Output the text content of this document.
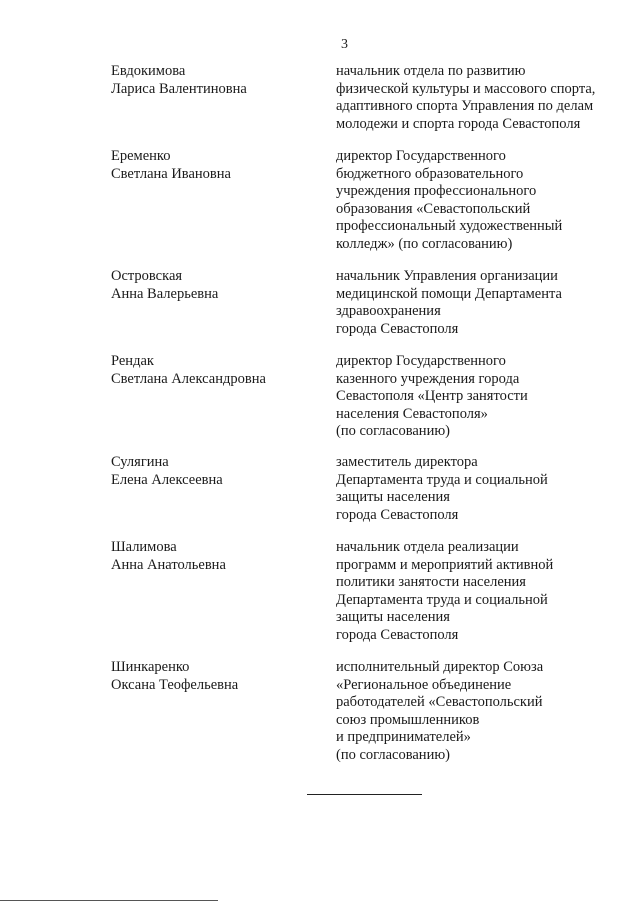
3
Евдокимова
Лариса Валентиновна
начальник отдела по развитию
физической культуры и массового спорта,
адаптивного спорта Управления по делам
молодежи и спорта города Севастополя
Еременко
Светлана Ивановна
директор Государственного
бюджетного образовательного
учреждения профессионального
образования «Севастопольский
профессиональный художественный
колледж» (по согласованию)
Островская
Анна Валерьевна
начальник Управления организации
медицинской помощи Департамента
здравоохранения
города Севастополя
Рендак
Светлана Александровна
директор Государственного
казенного учреждения города
Севастополя «Центр занятости
населения Севастополя»
(по согласованию)
Сулягина
Елена Алексеевна
заместитель директора
Департамента труда и социальной
защиты населения
города Севастополя
Шалимова
Анна Анатольевна
начальник отдела реализации
программ и мероприятий активной
политики занятости населения
Департамента труда и социальной
защиты населения
города Севастополя
Шинкаренко
Оксана Теофельевна
исполнительный директор Союза
«Региональное объединение
работодателей «Севастопольский
союз промышленников
и предпринимателей»
(по согласованию)
